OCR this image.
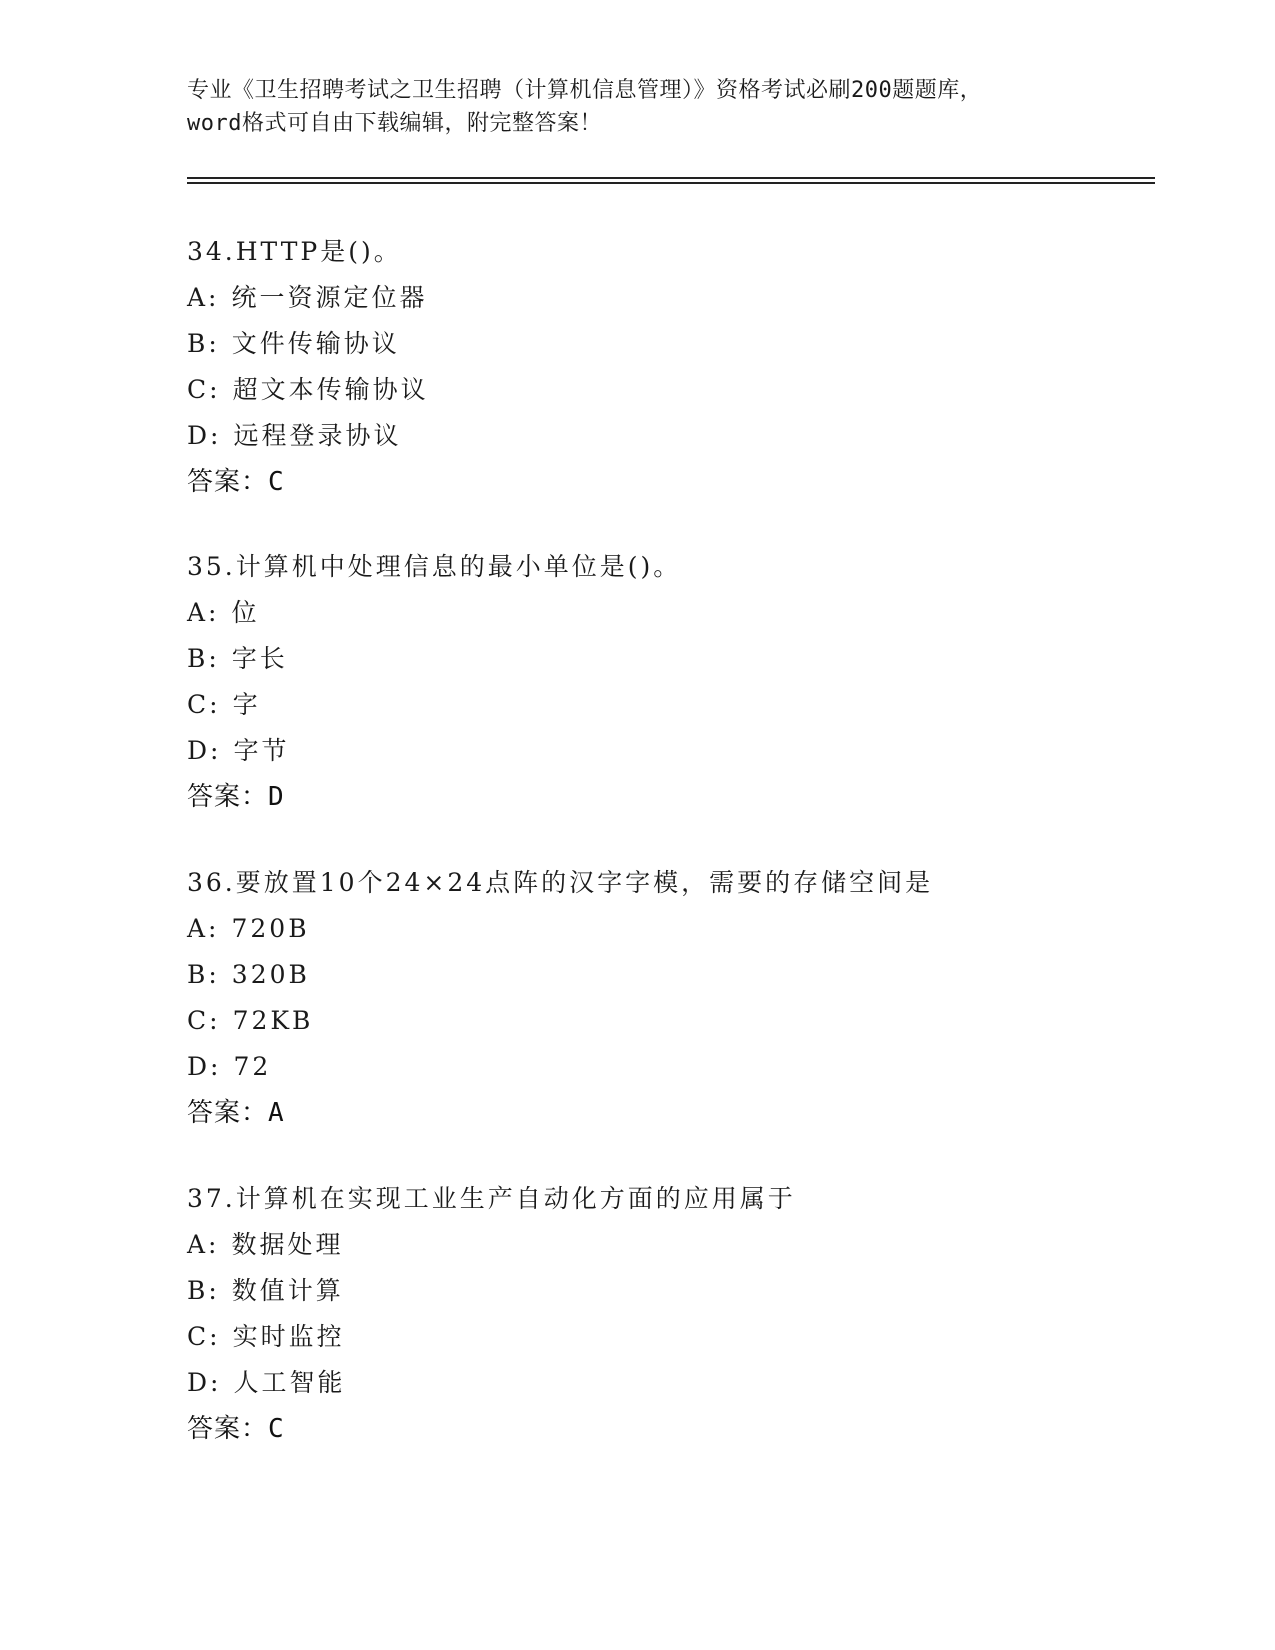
专业《卫生招聘考试之卫生招聘（计算机信息管理）》资格考试必刷200题题库，
word格式可自由下载编辑，附完整答案！
34.HTTP是()。
A: 统一资源定位器
B: 文件传输协议
C: 超文本传输协议
D: 远程登录协议
答案：C
35.计算机中处理信息的最小单位是()。
A: 位
B: 字长
C: 字
D: 字节
答案：D
36.要放置10个24×24点阵的汉字字模，需要的存储空间是
A: 720B
B: 320B
C: 72KB
D: 72
答案：A
37.计算机在实现工业生产自动化方面的应用属于
A: 数据处理
B: 数值计算
C: 实时监控
D: 人工智能
答案：C
